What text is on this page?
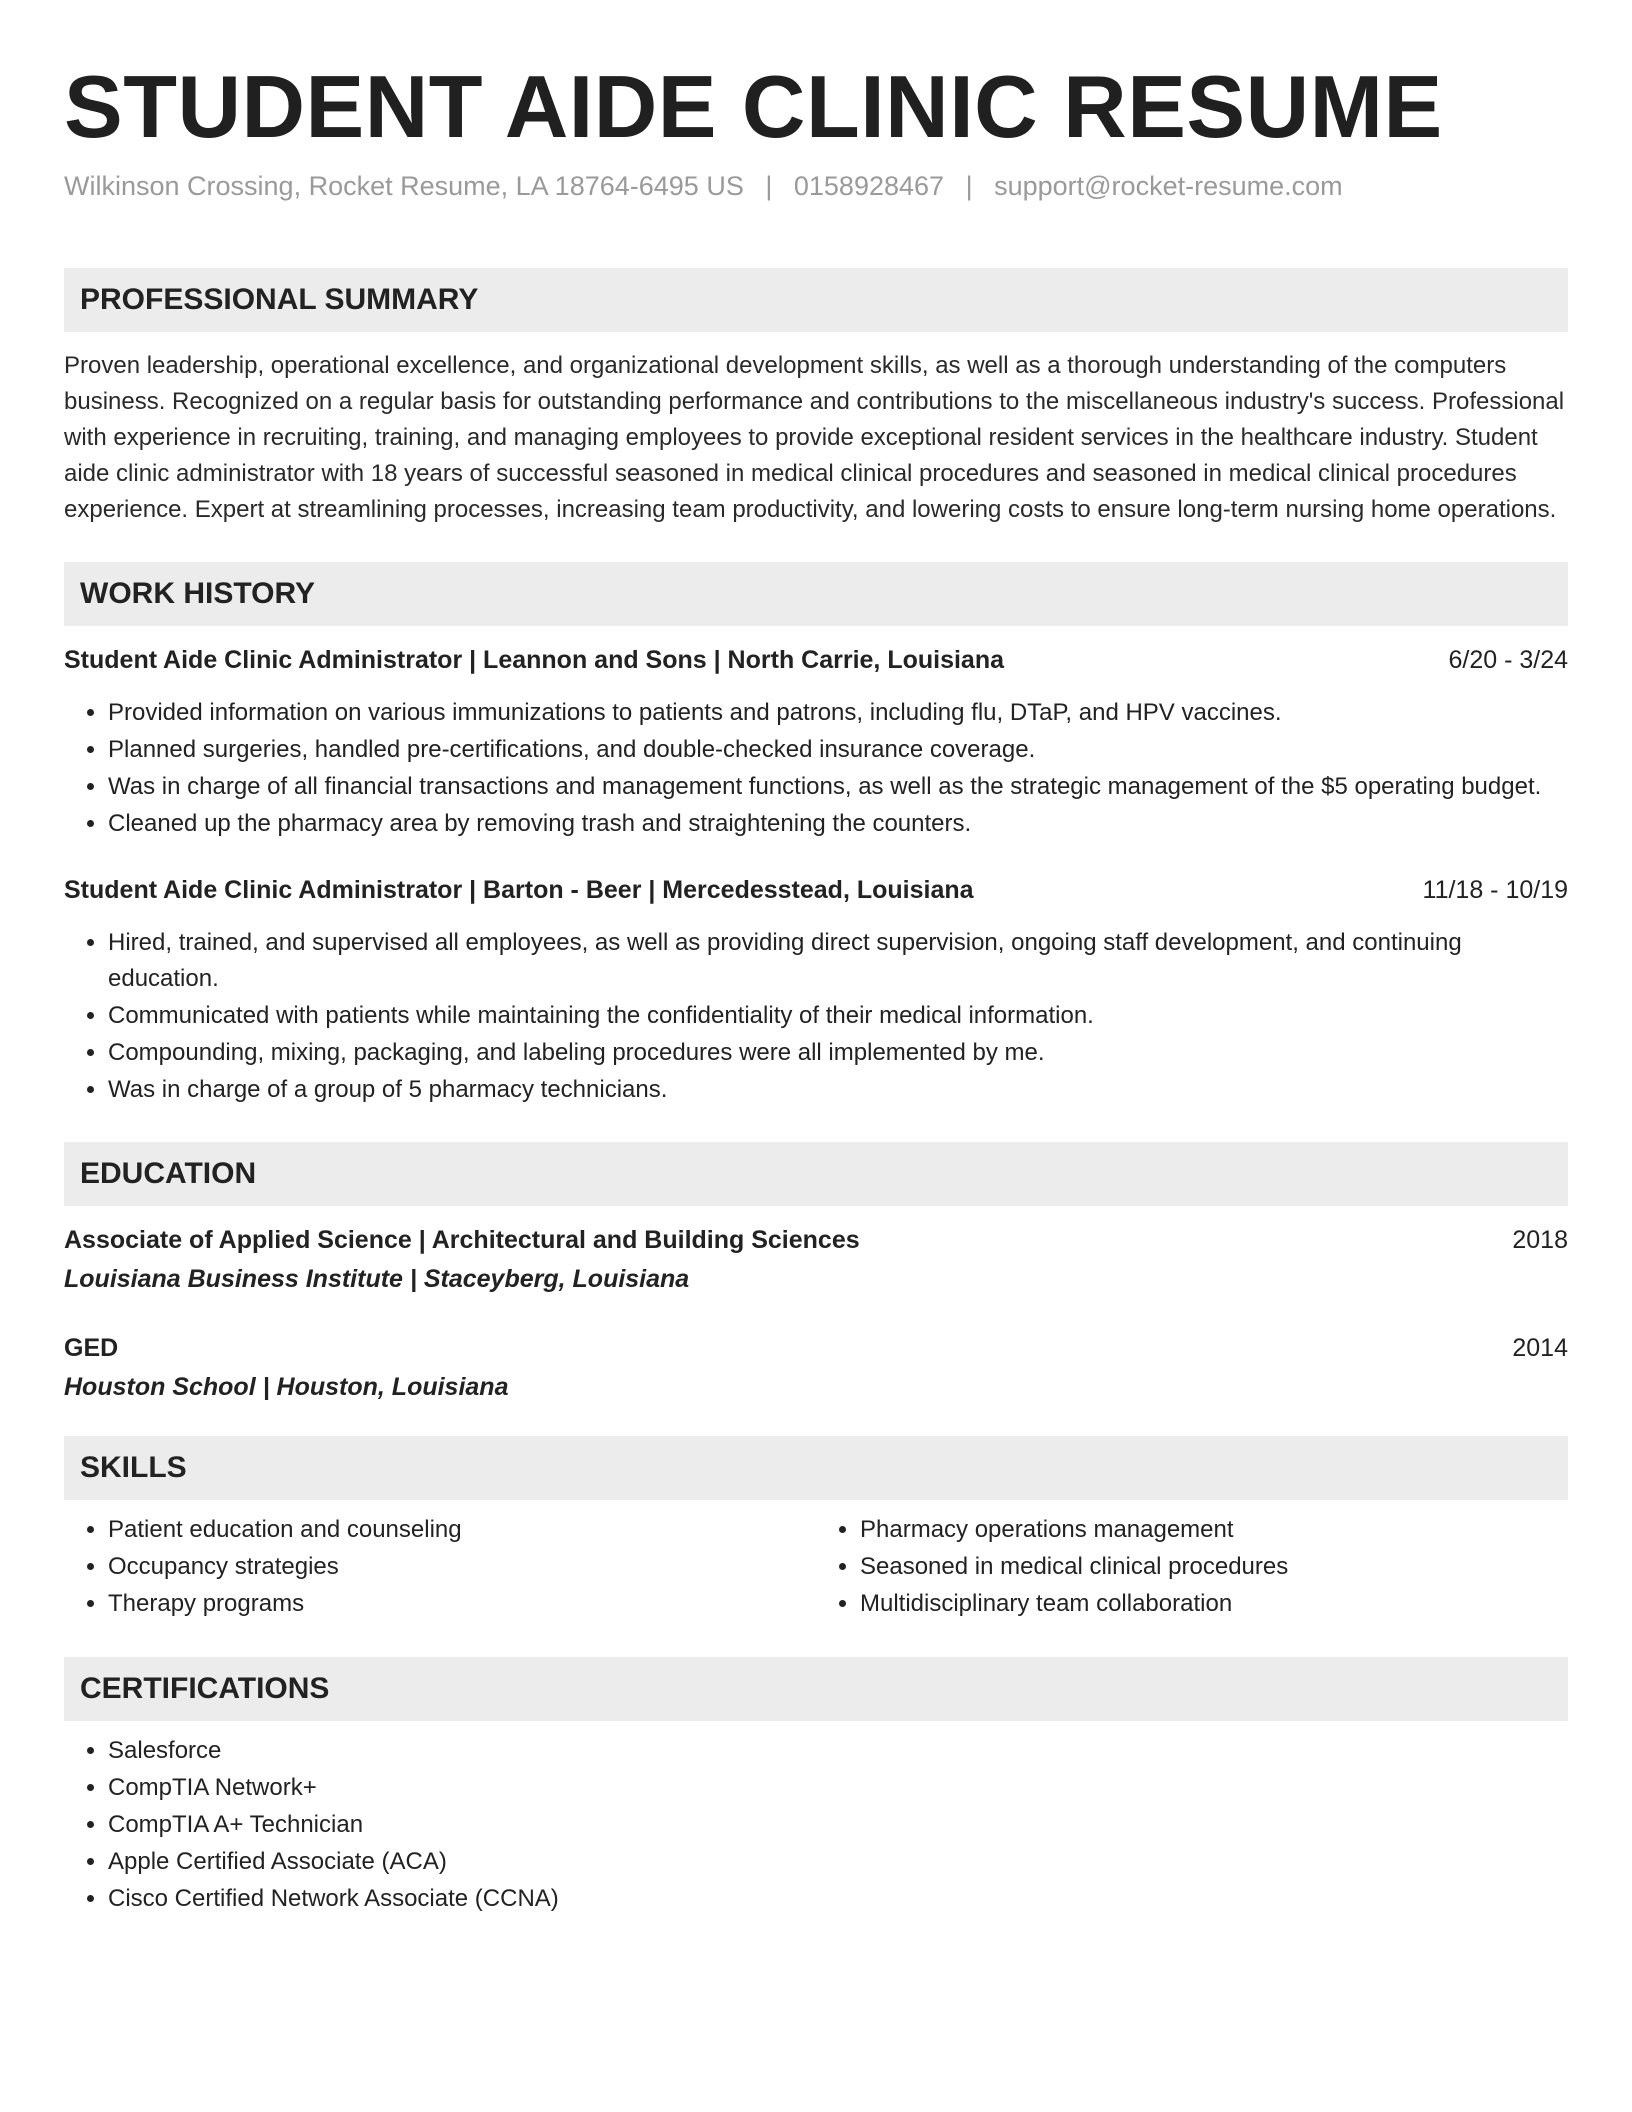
STUDENT AIDE CLINIC RESUME
Wilkinson Crossing, Rocket Resume, LA 18764-6495 US | 0158928467 | support@rocket-resume.com
PROFESSIONAL SUMMARY
Proven leadership, operational excellence, and organizational development skills, as well as a thorough understanding of the computers business. Recognized on a regular basis for outstanding performance and contributions to the miscellaneous industry's success. Professional with experience in recruiting, training, and managing employees to provide exceptional resident services in the healthcare industry. Student aide clinic administrator with 18 years of successful seasoned in medical clinical procedures and seasoned in medical clinical procedures experience. Expert at streamlining processes, increasing team productivity, and lowering costs to ensure long-term nursing home operations.
WORK HISTORY
Student Aide Clinic Administrator | Leannon and Sons | North Carrie, Louisiana	6/20 - 3/24
• Provided information on various immunizations to patients and patrons, including flu, DTaP, and HPV vaccines.
• Planned surgeries, handled pre-certifications, and double-checked insurance coverage.
• Was in charge of all financial transactions and management functions, as well as the strategic management of the $5 operating budget.
• Cleaned up the pharmacy area by removing trash and straightening the counters.
Student Aide Clinic Administrator | Barton - Beer | Mercedesstead, Louisiana	11/18 - 10/19
• Hired, trained, and supervised all employees, as well as providing direct supervision, ongoing staff development, and continuing education.
• Communicated with patients while maintaining the confidentiality of their medical information.
• Compounding, mixing, packaging, and labeling procedures were all implemented by me.
• Was in charge of a group of 5 pharmacy technicians.
EDUCATION
Associate of Applied Science | Architectural and Building Sciences	2018
Louisiana Business Institute | Staceyberg, Louisiana
GED	2014
Houston School | Houston, Louisiana
SKILLS
• Patient education and counseling
• Occupancy strategies
• Therapy programs
• Pharmacy operations management
• Seasoned in medical clinical procedures
• Multidisciplinary team collaboration
CERTIFICATIONS
• Salesforce
• CompTIA Network+
• CompTIA A+ Technician
• Apple Certified Associate (ACA)
• Cisco Certified Network Associate (CCNA)
